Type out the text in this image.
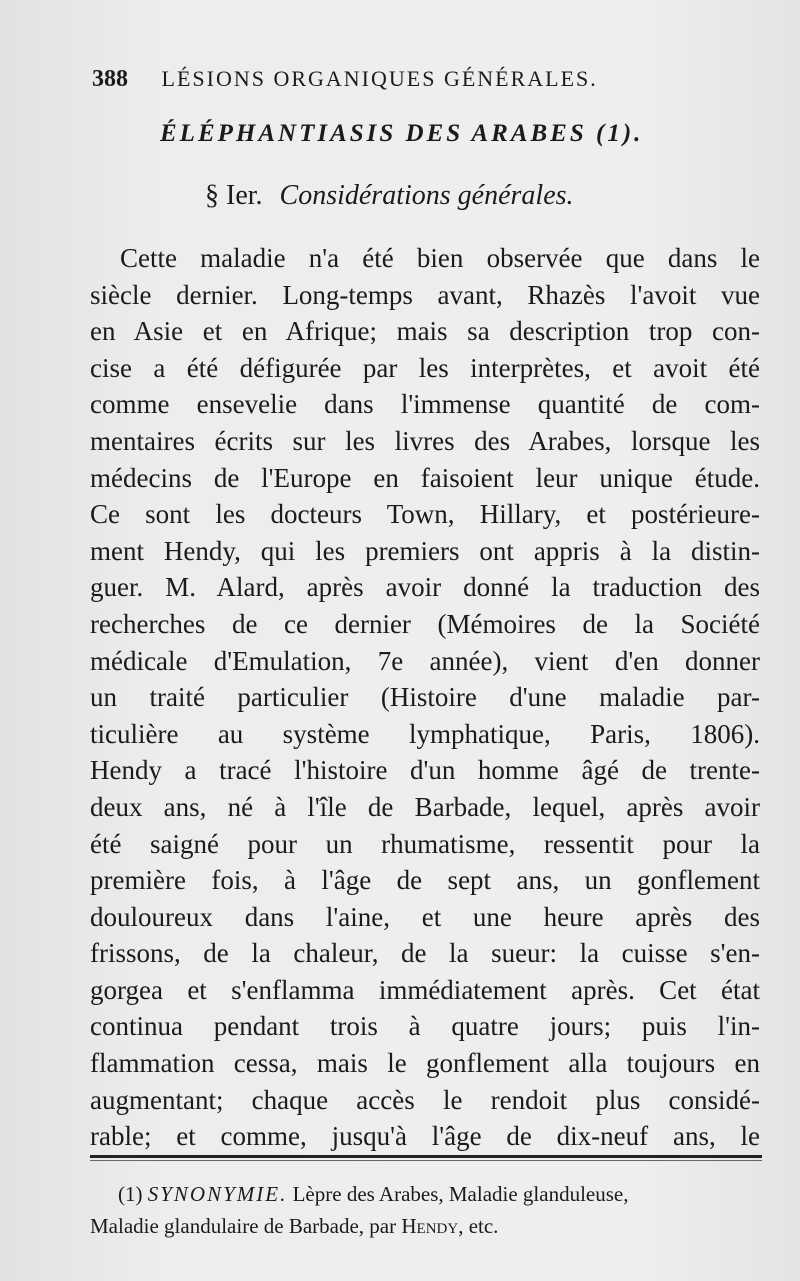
388 LÉSIONS ORGANIQUES GÉNÉRALES.
ÉLÉPHANTIASIS DES ARABES (1).
§ Ier. Considérations générales.
Cette maladie n'a été bien observée que dans le
siècle dernier. Long-temps avant, Rhazès l'avoit vue
en Asie et en Afrique; mais sa description trop con-
cise a été défigurée par les interprètes, et avoit été
comme ensevelie dans l'immense quantité de com-
mentaires écrits sur les livres des Arabes, lorsque les
médecins de l'Europe en faisoient leur unique étude.
Ce sont les docteurs Town, Hillary, et postérieure-
ment Hendy, qui les premiers ont appris à la distin-
guer. M. Alard, après avoir donné la traduction des
recherches de ce dernier (Mémoires de la Société
médicale d'Emulation, 7e année), vient d'en donner
un traité particulier (Histoire d'une maladie par-
ticulière au système lymphatique, Paris, 1806).
Hendy a tracé l'histoire d'un homme âgé de trente-
deux ans, né à l'île de Barbade, lequel, après avoir
été saigné pour un rhumatisme, ressentit pour la
première fois, à l'âge de sept ans, un gonflement
douloureux dans l'aine, et une heure après des
frissons, de la chaleur, de la sueur: la cuisse s'en-
gorgea et s'enflamma immédiatement après. Cet état
continua pendant trois à quatre jours; puis l'in-
flammation cessa, mais le gonflement alla toujours en
augmentant; chaque accès le rendoit plus considé-
rable; et comme, jusqu'à l'âge de dix-neuf ans, le
(1) SYNONYMIE. Lèpre des Arabes, Maladie glanduleuse,
Maladie glandulaire de Barbade, par Hendy, etc.
